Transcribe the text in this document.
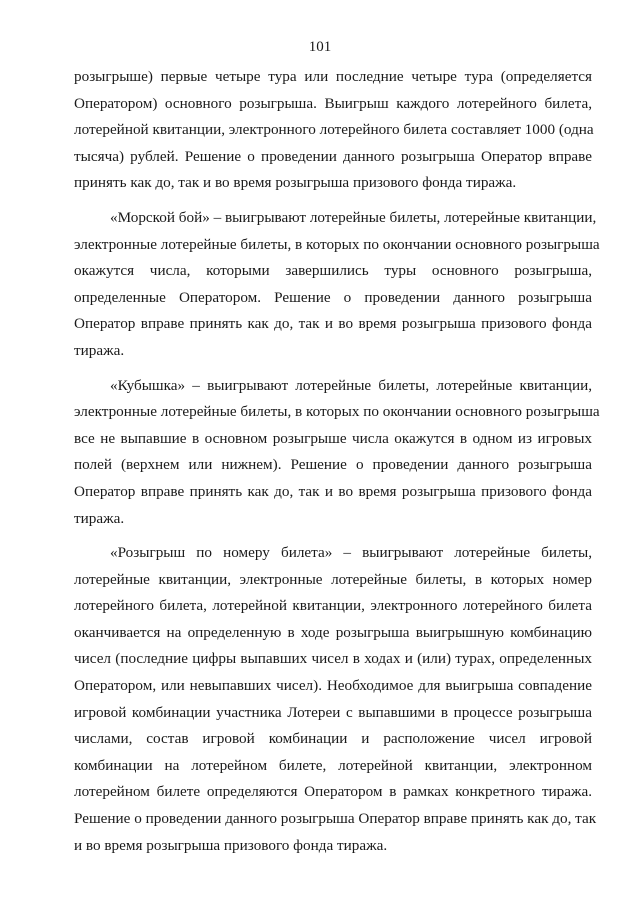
101
розыгрыше) первые четыре тура или последние четыре тура (определяется
Оператором) основного розыгрыша. Выигрыш каждого лотерейного билета,
лотерейной квитанции, электронного лотерейного билета составляет 1000 (одна
тысяча) рублей. Решение о проведении данного розыгрыша Оператор вправе
принять как до, так и во время розыгрыша призового фонда тиража.
«Морской бой» – выигрывают лотерейные билеты, лотерейные квитанции,
электронные лотерейные билеты, в которых по окончании основного розыгрыша
окажутся числа, которыми завершились туры основного розыгрыша,
определенные Оператором. Решение о проведении данного розыгрыша
Оператор вправе принять как до, так и во время розыгрыша призового фонда
тиража.
«Кубышка» – выигрывают лотерейные билеты, лотерейные квитанции,
электронные лотерейные билеты, в которых по окончании основного розыгрыша
все не выпавшие в основном розыгрыше числа окажутся в одном из игровых
полей (верхнем или нижнем). Решение о проведении данного розыгрыша
Оператор вправе принять как до, так и во время розыгрыша призового фонда
тиража.
«Розыгрыш по номеру билета» – выигрывают лотерейные билеты,
лотерейные квитанции, электронные лотерейные билеты, в которых номер
лотерейного билета, лотерейной квитанции, электронного лотерейного билета
оканчивается на определенную в ходе розыгрыша выигрышную комбинацию
чисел (последние цифры выпавших чисел в ходах и (или) турах, определенных
Оператором, или невыпавших чисел). Необходимое для выигрыша совпадение
игровой комбинации участника Лотереи с выпавшими в процессе розыгрыша
числами, состав игровой комбинации и расположение чисел игровой
комбинации на лотерейном билете, лотерейной квитанции, электронном
лотерейном билете определяются Оператором в рамках конкретного тиража.
Решение о проведении данного розыгрыша Оператор вправе принять как до, так
и во время розыгрыша призового фонда тиража.
